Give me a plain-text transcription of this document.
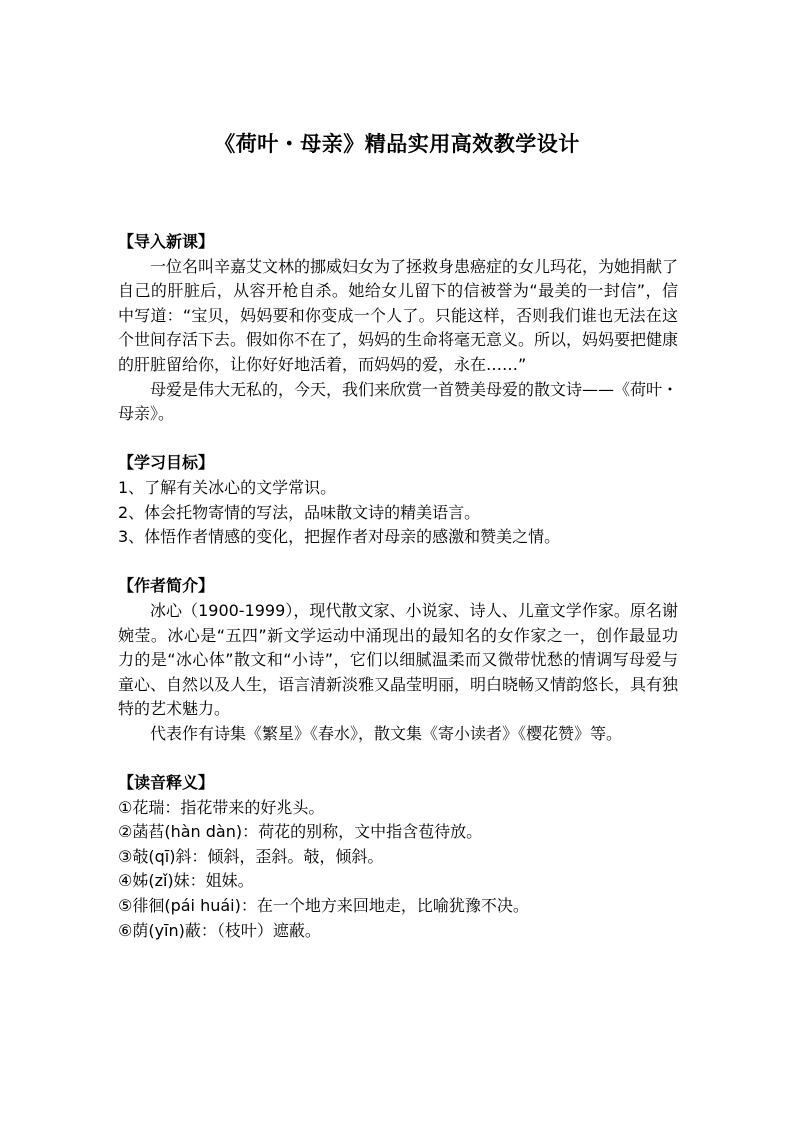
《荷叶・母亲》精品实用高效教学设计

【导入新课】

一位名叫辛嘉艾文林的挪威妇女为了拯救身患癌症的女儿玛花，为她捐献了自己的肝脏后，从容开枪自杀。她给女儿留下的信被誉为“最美的一封信”，信中写道：“宝贝，妈妈要和你变成一个人了。只能这样，否则我们谁也无法在这个世间存活下去。假如你不在了，妈妈的生命将毫无意义。所以，妈妈要把健康的肝脏留给你，让你好好地活着，而妈妈的爱，永在……”

母爱是伟大无私的，今天，我们来欣赏一首赞美母爱的散文诗——《荷叶・母亲》。

【学习目标】

1、了解有关冰心的文学常识。
2、体会托物寄情的写法，品味散文诗的精美语言。
3、体悟作者情感的变化，把握作者对母亲的感激和赞美之情。

【作者简介】

冰心（1900-1999），现代散文家、小说家、诗人、儿童文学作家。原名谢婉莹。冰心是“五四”新文学运动中涌现出的最知名的女作家之一，创作最显功力的是“冰心体”散文和“小诗”，它们以细腻温柔而又微带忧愁的情调写母爱与童心、自然以及人生，语言清新淡雅又晶莹明丽，明白晓畅又情韵悠长，具有独特的艺术魅力。

代表作有诗集《繁星》《春水》，散文集《寄小读者》《樱花赞》等。

【读音释义】

①花瑞：指花带来的好兆头。
②菡萏(hàn dàn)：荷花的别称，文中指含苞待放。
③攲(qī)斜：倾斜，歪斜。攲，倾斜。
④姊(zǐ)妹：姐妹。
⑤徘徊(pái huái)：在一个地方来回地走，比喻犹豫不决。
⑥荫(yīn)蔽：（枝叶）遮蔽。
